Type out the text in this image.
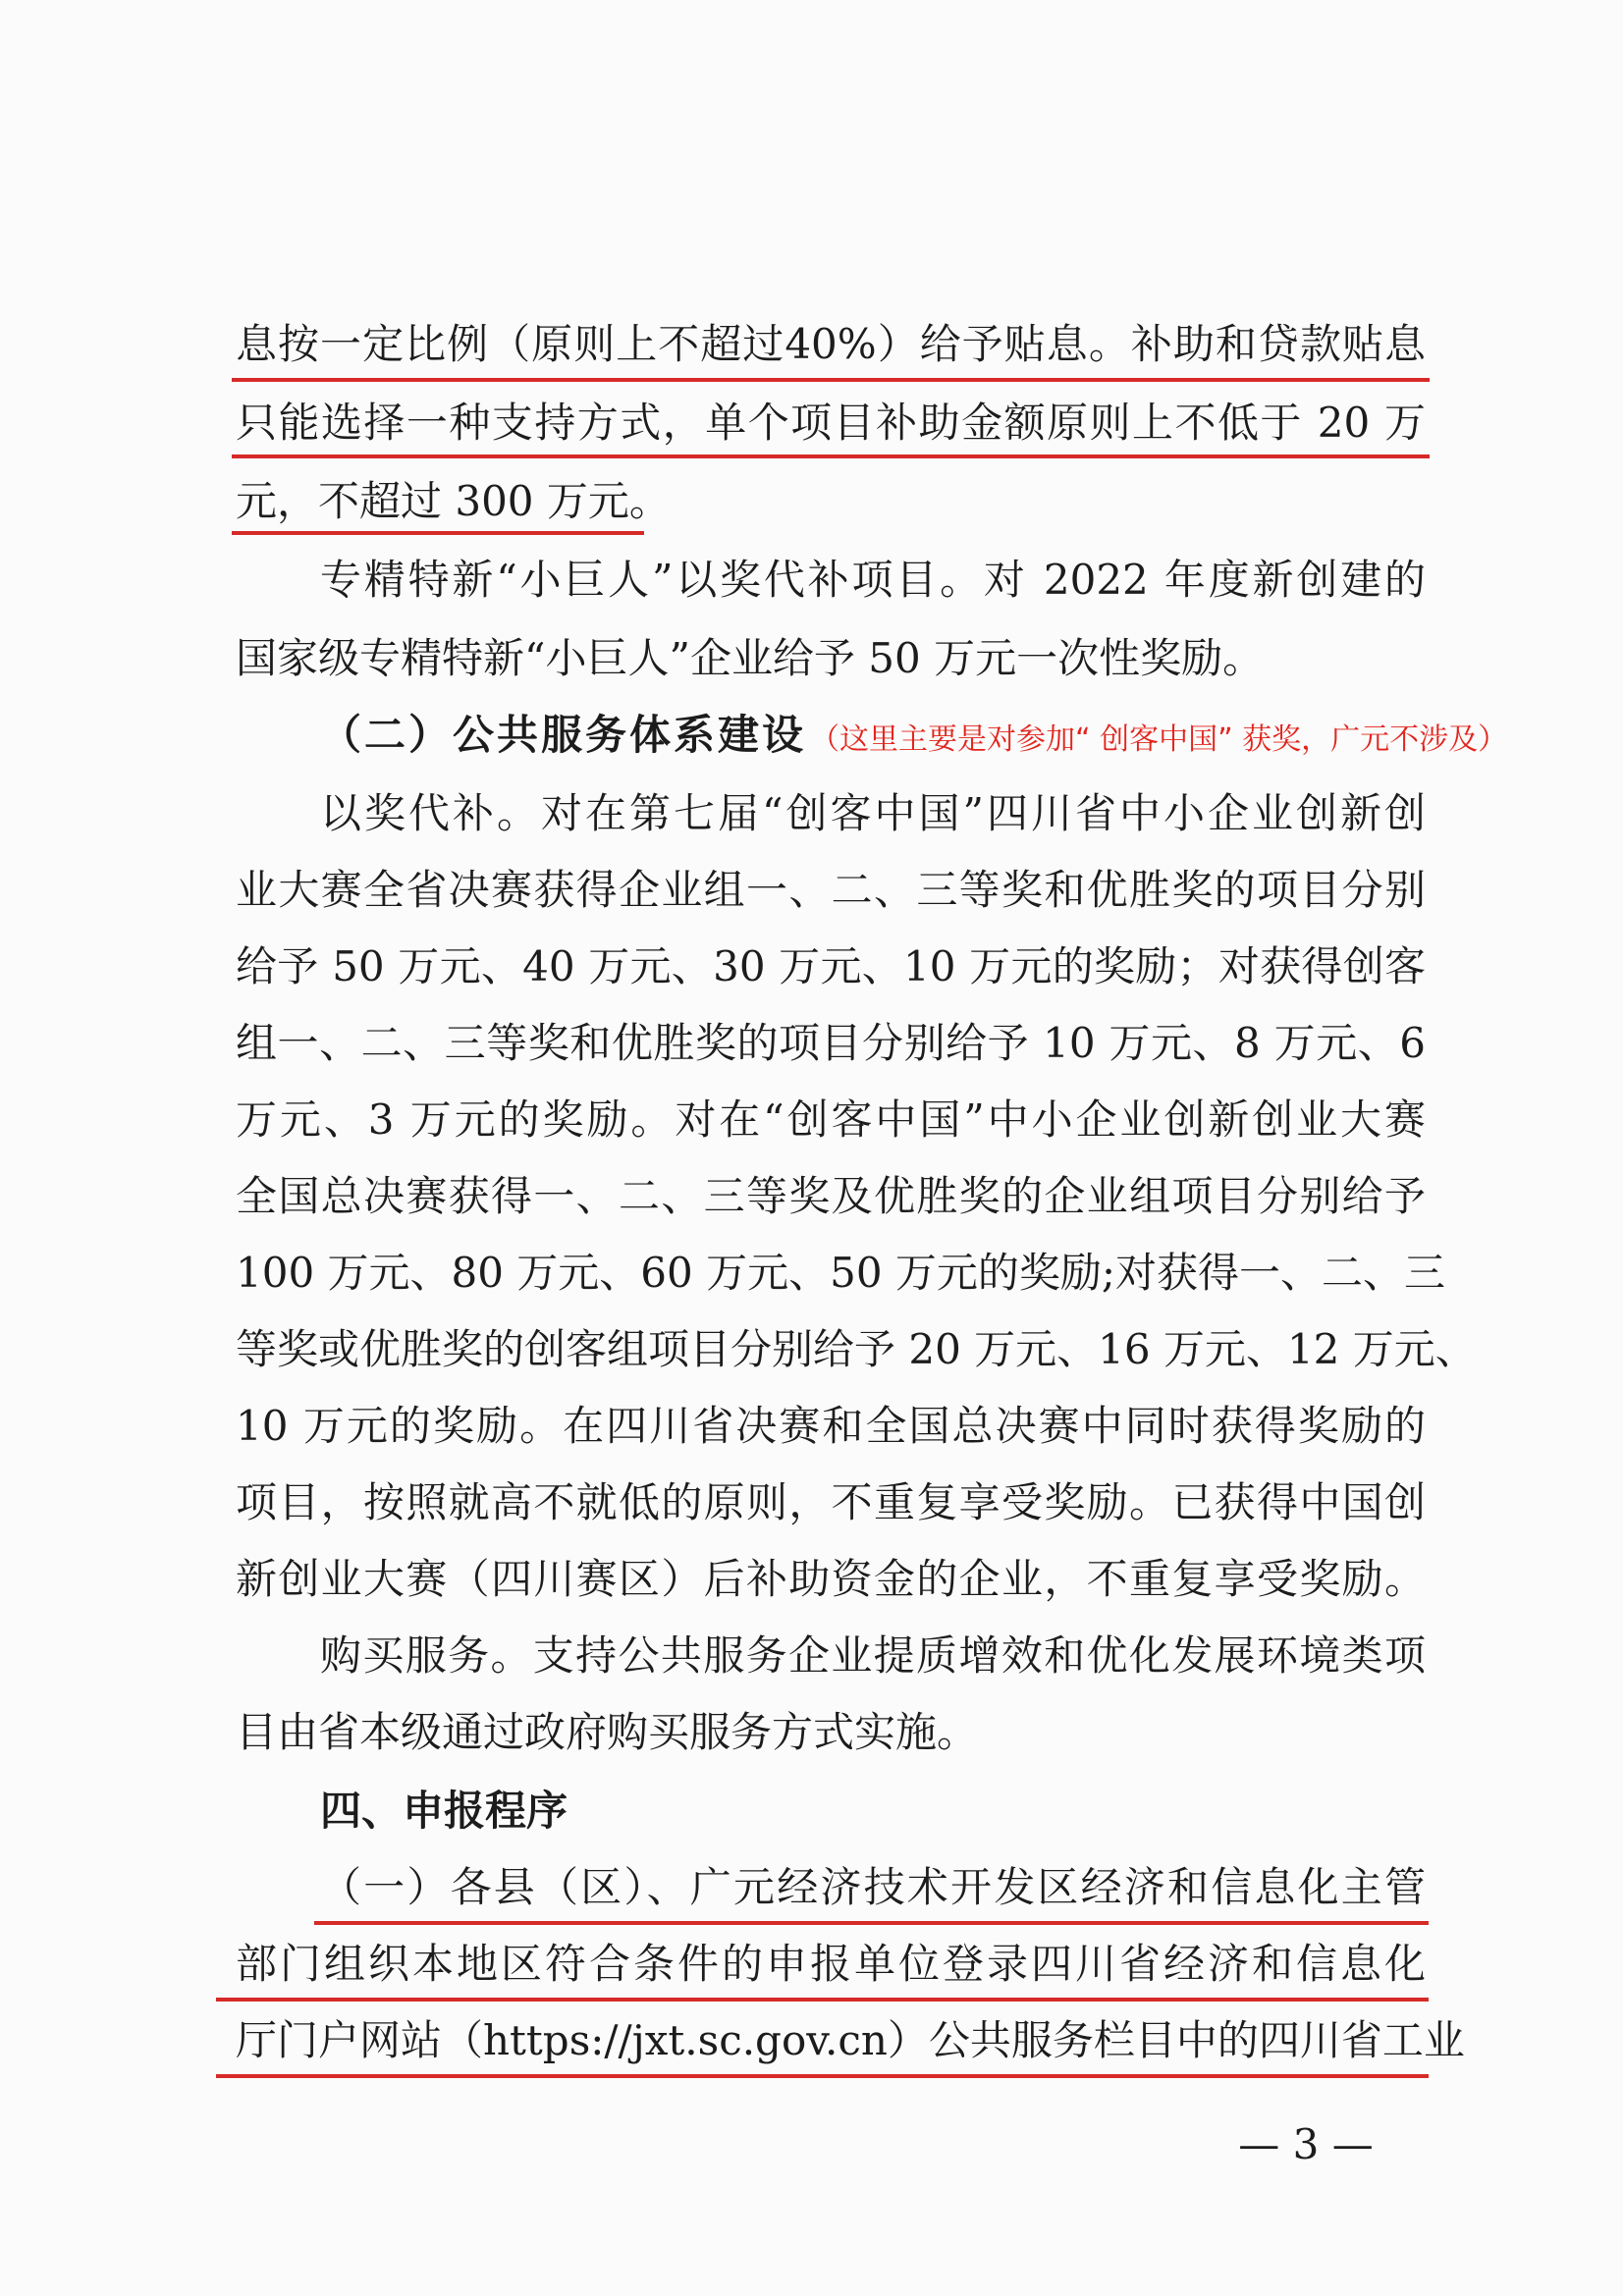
息按一定比例（原则上不超过40%）给予贴息。补助和贷款贴息
只能选择一种支持方式，单个项目补助金额原则上不低于 20 万
元，不超过 300 万元。
专精特新“小巨人”以奖代补项目。对 2022 年度新创建的
国家级专精特新“小巨人”企业给予 50 万元一次性奖励。
（二）公共服务体系建设 （这里主要是对参加“ 创客中国” 获奖，广元不涉及）
以奖代补。对在第七届“创客中国”四川省中小企业创新创
业大赛全省决赛获得企业组一、二、三等奖和优胜奖的项目分别
给予 50 万元、40 万元、30 万元、10 万元的奖励；对获得创客
组一、二、三等奖和优胜奖的项目分别给予 10 万元、8 万元、6
万元、3 万元的奖励。对在“创客中国”中小企业创新创业大赛
全国总决赛获得一、二、三等奖及优胜奖的企业组项目分别给予
100 万元、80 万元、60 万元、50 万元的奖励;对获得一、二、三
等奖或优胜奖的创客组项目分别给予 20 万元、16 万元、12 万元、
10 万元的奖励。在四川省决赛和全国总决赛中同时获得奖励的
项目，按照就高不就低的原则，不重复享受奖励。已获得中国创
新创业大赛（四川赛区）后补助资金的企业，不重复享受奖励。
购买服务。支持公共服务企业提质增效和优化发展环境类项
目由省本级通过政府购买服务方式实施。
四、申报程序
（一）各县（区）、广元经济技术开发区经济和信息化主管
部门组织本地区符合条件的申报单位登录四川省经济和信息化
厅门户网站（https://jxt.sc.gov.cn）公共服务栏目中的四川省工业
— 3 —
